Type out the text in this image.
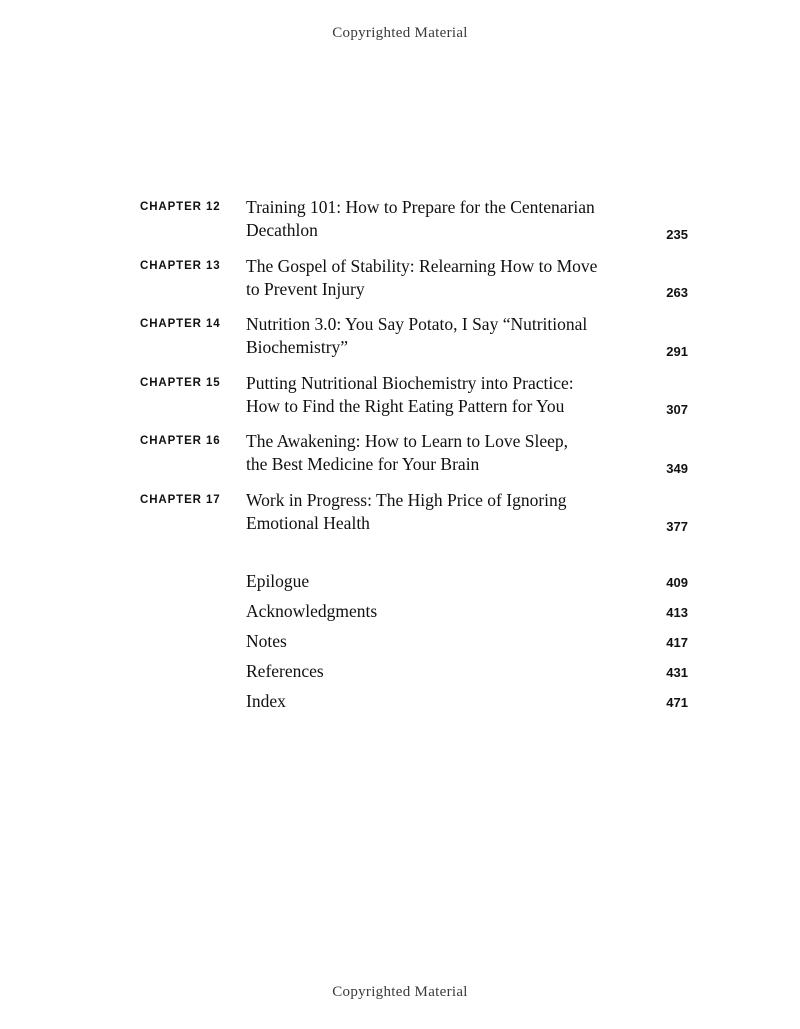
Copyrighted Material
CHAPTER 12	Training 101: How to Prepare for the Centenarian
Decathlon	235
CHAPTER 13	The Gospel of Stability: Relearning How to Move
to Prevent Injury	263
CHAPTER 14	Nutrition 3.0: You Say Potato, I Say “Nutritional
Biochemistry”	291
CHAPTER 15	Putting Nutritional Biochemistry into Practice:
How to Find the Right Eating Pattern for You	307
CHAPTER 16	The Awakening: How to Learn to Love Sleep,
the Best Medicine for Your Brain	349
CHAPTER 17	Work in Progress: The High Price of Ignoring
Emotional Health	377
Epilogue	409
Acknowledgments	413
Notes	417
References	431
Index	471
Copyrighted Material
